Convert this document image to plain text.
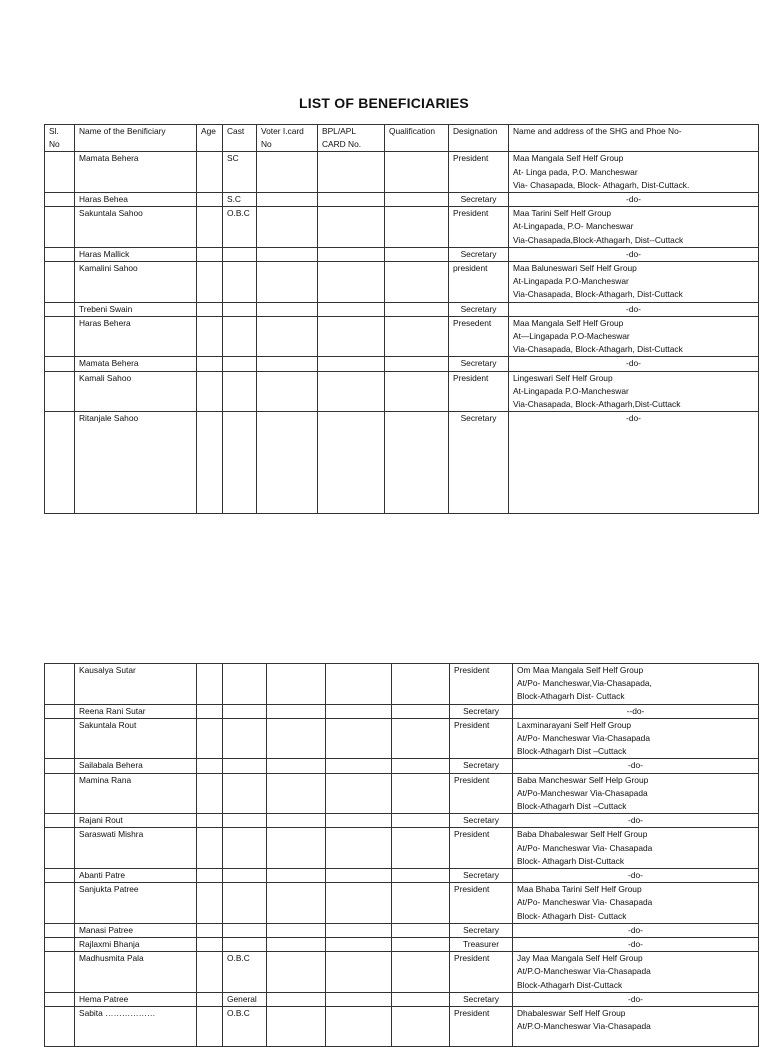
LIST OF BENEFICIARIES
Sl. No	Name of the Benificiary	Age	Cast	Voter I.card No	BPL/APL CARD No.	Qualification	Designation	Name and address of the SHG and Phoe No-
	Mamata Behera		SC				President	Maa Mangala Self Helf Group
At- Linga pada, P.O. Mancheswar
Via- Chasapada, Block- Athagarh, Dist-Cuttack.

	Haras Behea		S.C				Secretary	-do-

	Sakuntala Sahoo		O.B.C				President	Maa Tarini Self Helf Group
At-Lingapada, P.O- Mancheswar
Via-Chasapada,Block-Athagarh, Dist--Cuttack

	Haras Mallick						Secretary	-do-

	Kamalini Sahoo						president	Maa Baluneswari Self Helf Group
At-Lingapada P.O-Mancheswar
Via-Chasapada, Block-Athagarh, Dist-Cuttack

	Trebeni Swain						Secretary	-do-

	Haras Behera						Presedent	Maa Mangala Self Helf Group
At—Lingapada P.O-Macheswar
Via-Chasapada, Block-Athagarh, Dist-Cuttack

	Mamata Behera						Secretary	-do-

	Kamali Sahoo						President	Lingeswari Self Helf Group
At-Lingapada P.O-Mancheswar
Via-Chasapada, Block-Athagarh,Dist-Cuttack

	Ritanjale Sahoo						Secretary	-do-
	Kausalya Sutar						President	Om Maa Mangala Self Helf Group
At/Po- Mancheswar,Via-Chasapada,
Block-Athagarh Dist- Cuttack

	Reena Rani Sutar						Secretary	--do-

	Sakuntala Rout						President	Laxminarayani Self Helf Group
At/Po- Mancheswar Via-Chasapada
Block-Athagarh Dist –Cuttack

	Sailabala Behera						Secretary	-do-

	Mamina Rana						President	Baba Mancheswar Self Help Group
At/Po-Mancheswar Via-Chasapada
Block-Athagarh Dist –Cuttack

	Rajani Rout						Secretary	-do-

	Saraswati Mishra						President	Baba Dhabaleswar Self Helf Group
At/Po- Mancheswar Via- Chasapada
Block- Athagarh Dist-Cuttack

	Abanti Patre						Secretary	-do-

	Sanjukta Patree						President	Maa Bhaba Tarini Self Helf Group
At/Po- Mancheswar Via- Chasapada
Block- Athagarh Dist- Cuttack

	Manasi Patree						Secretary	-do-

	Rajlaxmi Bhanja						Treasurer	-do-

	Madhusmita Pala		O.B.C				President	Jay Maa Mangala Self Helf Group
At/P.O-Mancheswar Via-Chasapada
Block-Athagarh Dist-Cuttack

	Hema Patree		General				Secretary	-do-

	Sabita ………………		O.B.C				President	Dhabaleswar Self Helf Group
At/P.O-Mancheswar Via-Chasapada
